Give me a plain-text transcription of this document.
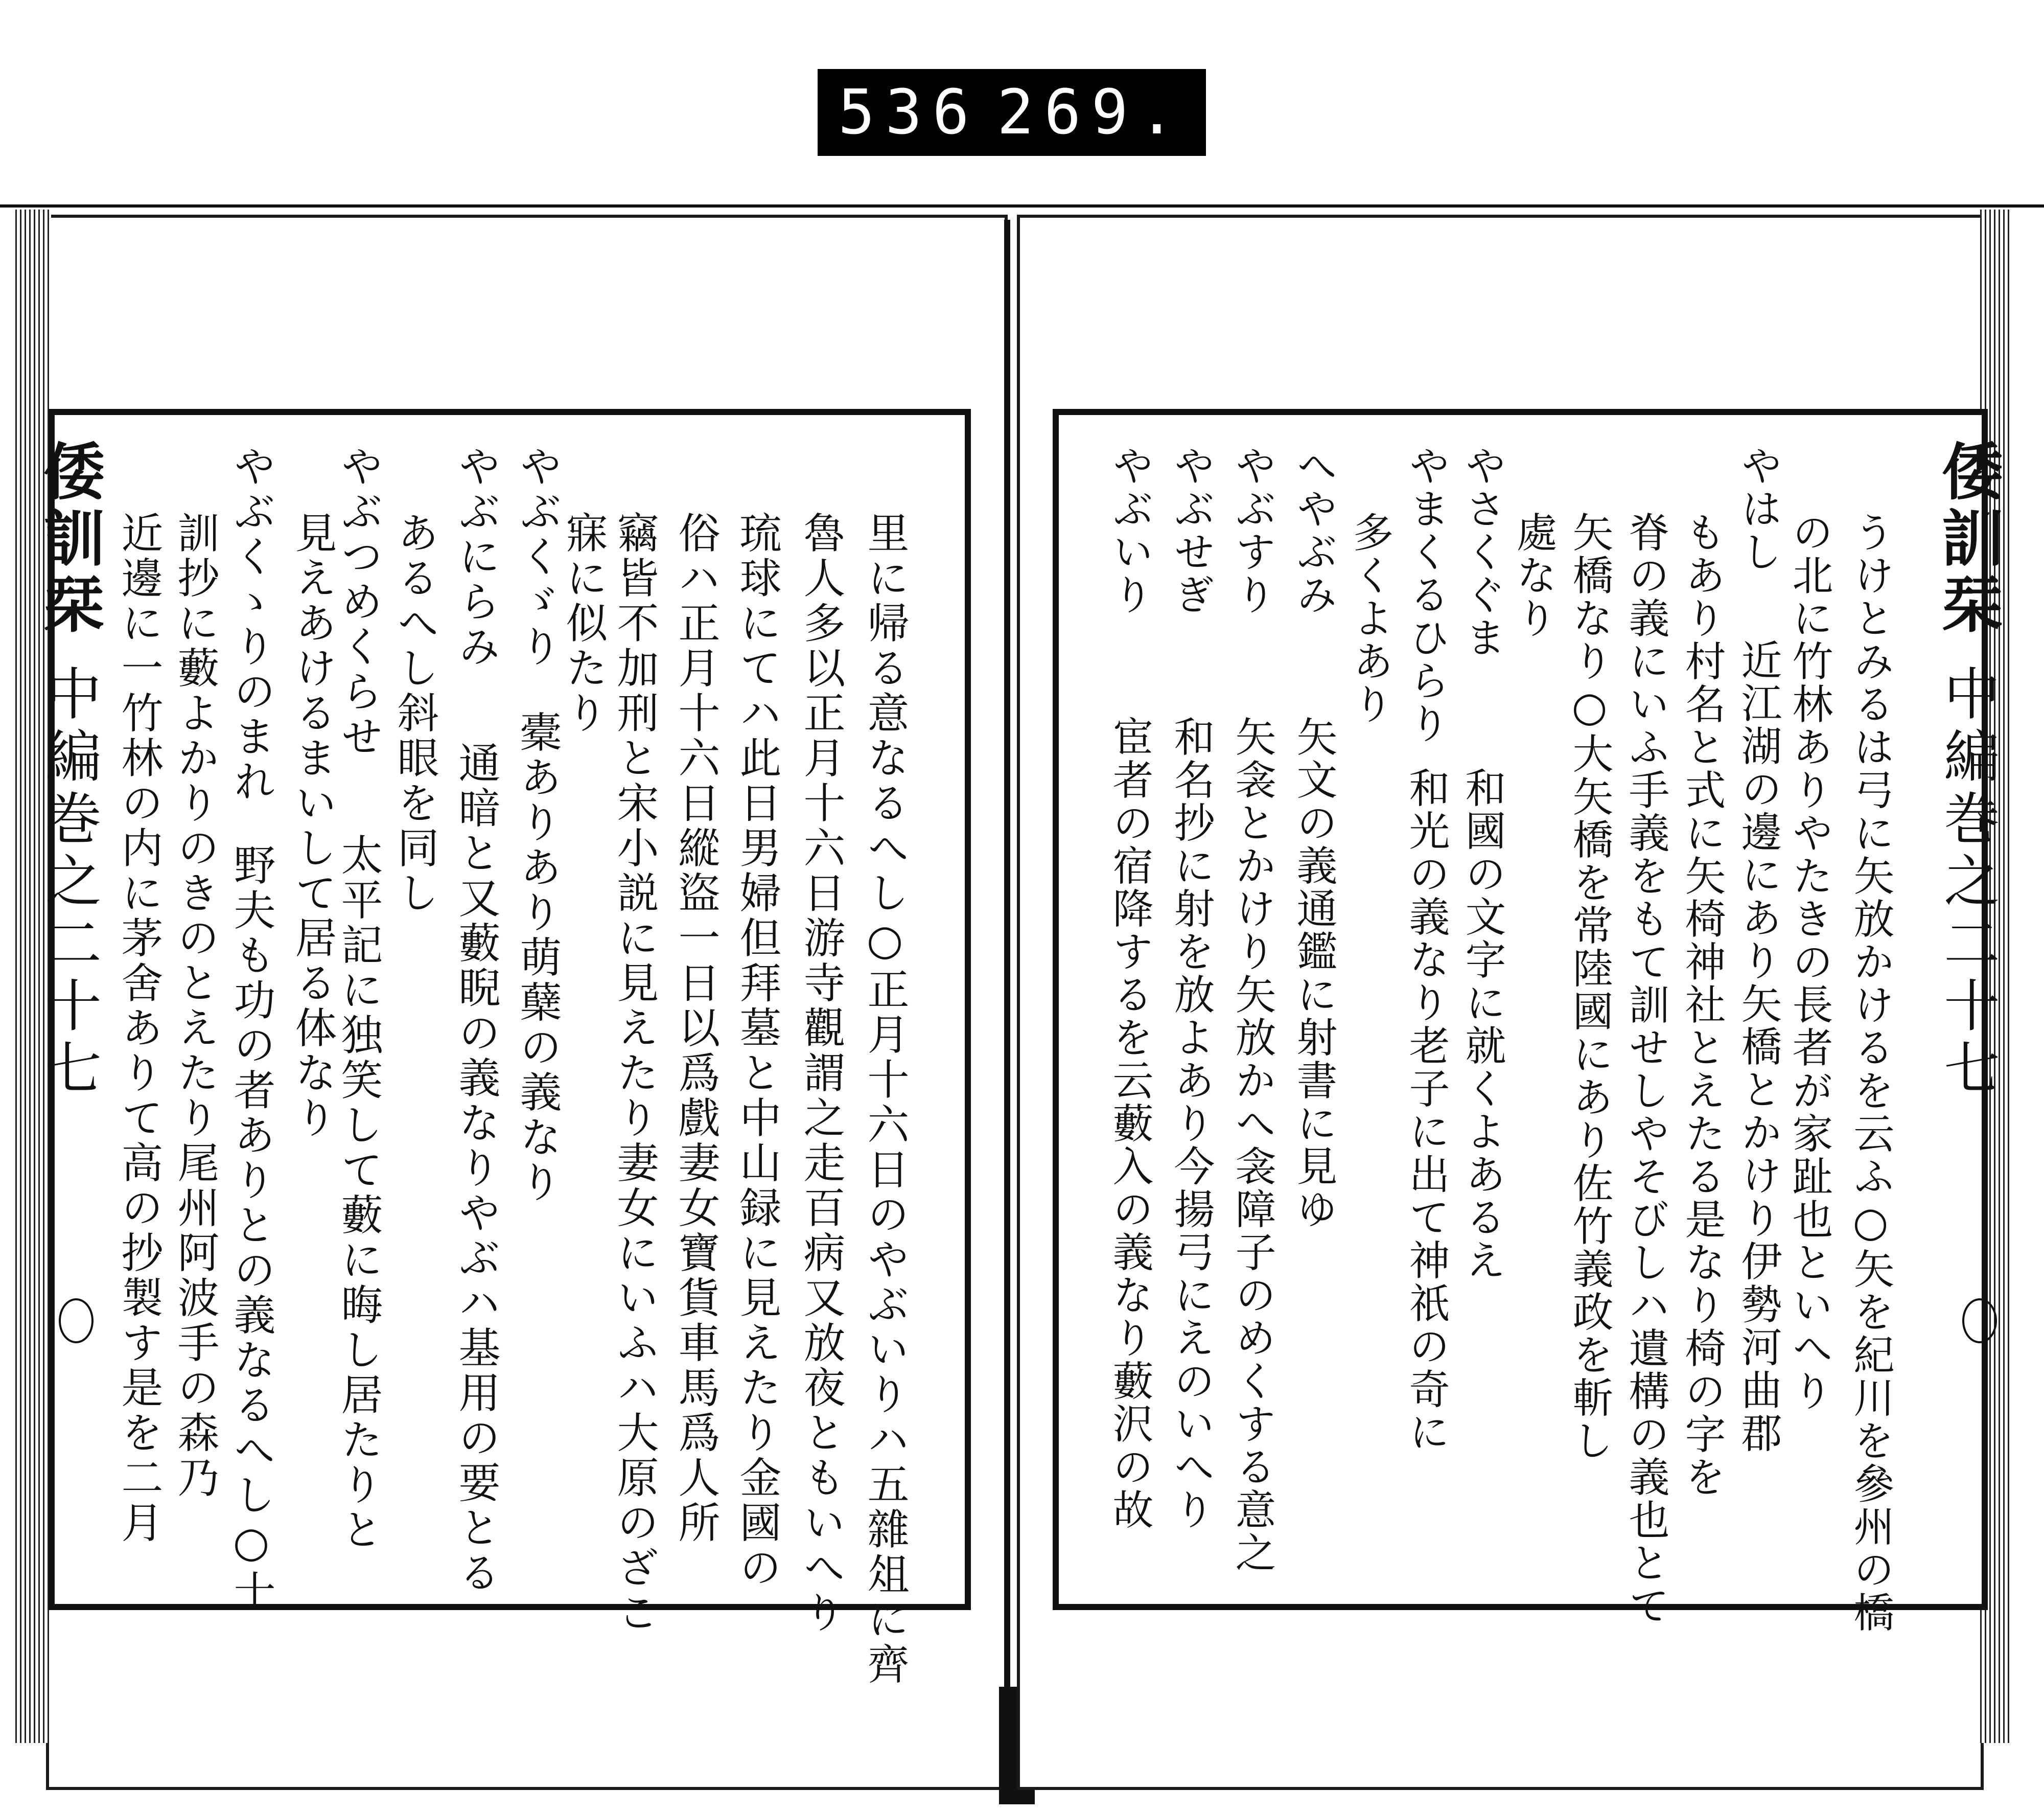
536 269.
倭訓栞
中編巻之二十七	里に帰る意なるへし○正月十六日のやぶいりハ五雜俎に齊
魯人多以正月十六日游寺觀謂之走百病又放夜ともいへり
琉球にてハ此日男婦但拜墓と中山録に見えたり金國の
俗ハ正月十六日縱盜一日以爲戲妻女寶貨車馬爲人所
竊皆不加刑と宋小説に見えたり妻女にいふハ大原のざこ
寐に似たり
やぶくゞり
橐ありあり萌蘖の義なり
やぶにらみ
通暗と又藪睨の義なりやぶハ基用の要とる
あるへし斜眼を同し
やぶつめくらせ
太平記に独笑して藪に晦し居たりと
見えあけるまいして居る体なり
やぶくゝりのまれ
野夫も功の者ありとの義なるへし○十
訓抄に藪よかりのきのとえたり尾州阿波手の森乃
近邊に一竹林の内に茅舍ありて高の抄製す是を二月	倭訓栞
中編巻之二十七
うけとみるは弓に矢放かけるを云ふ○矢を紀川を參州の橋
の北に竹林ありやたきの長者が家趾也といへり
やはし
近江湖の邊にあり矢橋とかけり伊勢河曲郡
もあり村名と式に矢椅神社とえたる是なり椅の字を
脊の義にいふ手義をもて訓せしやそびしハ遺構の義也とて
矢橋なり○大矢橋を常陸國にあり佐竹義政を斬し
處なり
やさくぐま
和國の文字に就くよあるえ
やまくるひらり
和光の義なり老子に出て神祇の奇に
多くよあり
へやぶみ
矢文の義通鑑に射書に見ゆ
やぶすり
矢衾とかけり矢放かへ衾障子のめくする意之
やぶせぎ
和名抄に射を放よあり今揚弓にえのいへり
やぶいり
宦者の宿降するを云藪入の義なり藪沢の故
